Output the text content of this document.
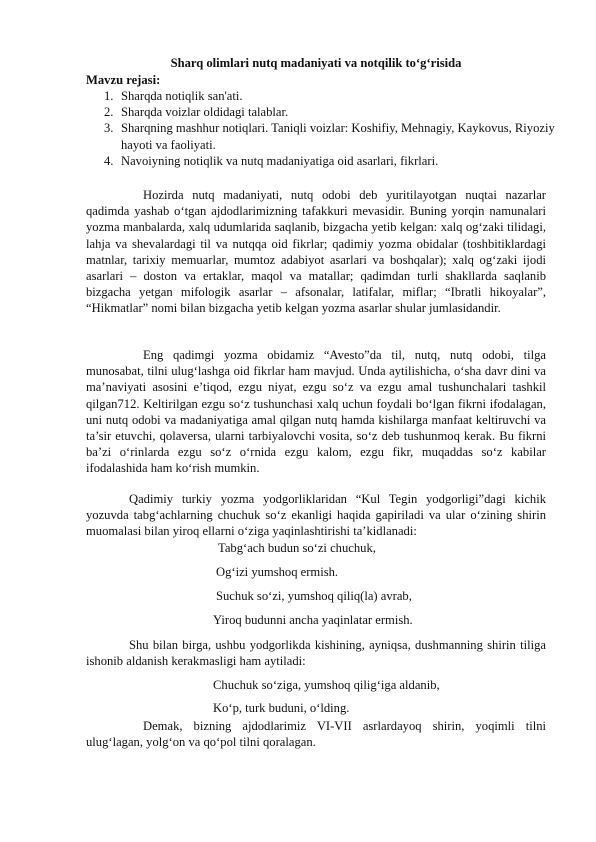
Sharq olimlari nutq madaniyati va notqilik to‘g‘risida
Mavzu rejasi:
1. Sharqda notiqlik san'ati.
2. Sharqda voizlar oldidagi talablar.
3. Sharqning mashhur notiqlari. Taniqli voizlar: Koshifiy, Mehnagiy, Kaykovus, Riyoziy hayoti va faoliyati.
4. Navoiyning notiqlik va nutq madaniyatiga oid asarlari, fikrlari.

Hozirda nutq madaniyati, nutq odobi deb yuritilayotgan nuqtai nazarlar qadimda yashab o‘tgan ajdodlarimizning tafakkuri mevasidir. Buning yorqin namunalari yozma manbalarda, xalq udumlarida saqlanib, bizgacha yetib kelgan: xalq og‘zaki tilidagi, lahja va shevalardagi til va nutqqa oid fikrlar; qadimiy yozma obidalar (toshbitiklardagi matnlar, tarixiy memuarlar, mumtoz adabiyot asarlari va boshqalar); xalq og‘zaki ijodi asarlari – doston va ertaklar, maqol va matallar; qadimdan turli shakllarda saqlanib bizgacha yetgan mifologik asarlar – afsonalar, latifalar, miflar; “Ibratli hikoyalar”, “Hikmatlar” nomi bilan bizgacha yetib kelgan yozma asarlar shular jumlasidandir.

Eng qadimgi yozma obidamiz “Avesto”da til, nutq, nutq odobi, tilga munosabat, tilni ulug‘lashga oid fikrlar ham mavjud. Unda aytilishicha, o‘sha davr dini va ma’naviyati asosini e’tiqod, ezgu niyat, ezgu so‘z va ezgu amal tushunchalari tashkil qilgan712. Keltirilgan ezgu so‘z tushunchasi xalq uchun foydali bo‘lgan fikrni ifodalagan, uni nutq odobi va madaniyatiga amal qilgan nutq hamda kishilarga manfaat keltiruvchi va ta’sir etuvchi, qolaversa, ularni tarbiyalovchi vosita, so‘z deb tushunmoq kerak. Bu fikrni ba’zi o‘rinlarda ezgu so‘z o‘rnida ezgu kalom, ezgu fikr, muqaddas so‘z kabilar ifodalashida ham ko‘rish mumkin.

Qadimiy turkiy yozma yodgorliklaridan “Kul Tegin yodgorligi”dagi kichik yozuvda tabg‘achlarning chuchuk so‘z ekanligi haqida gapiriladi va ular o‘zining shirin muomalasi bilan yiroq ellarni o‘ziga yaqinlashtirishi ta’kidlanadi:

Tabg‘ach budun so‘zi chuchuk,

Og‘izi yumshoq ermish.

Suchuk so‘zi, yumshoq qiliq(la) avrab,

Yiroq budunni ancha yaqinlatar ermish.

Shu bilan birga, ushbu yodgorlikda kishining, ayniqsa, dushmanning shirin tiliga ishonib aldanish kerakmasligi ham aytiladi:

Chuchuk so‘ziga, yumshoq qilig‘iga aldanib,

Ko‘p, turk buduni, o‘lding.

Demak, bizning ajdodlarimiz VI-VII asrlardayoq shirin, yoqimli tilni ulug‘lagan, yolg‘on va qo‘pol tilni qoralagan.
